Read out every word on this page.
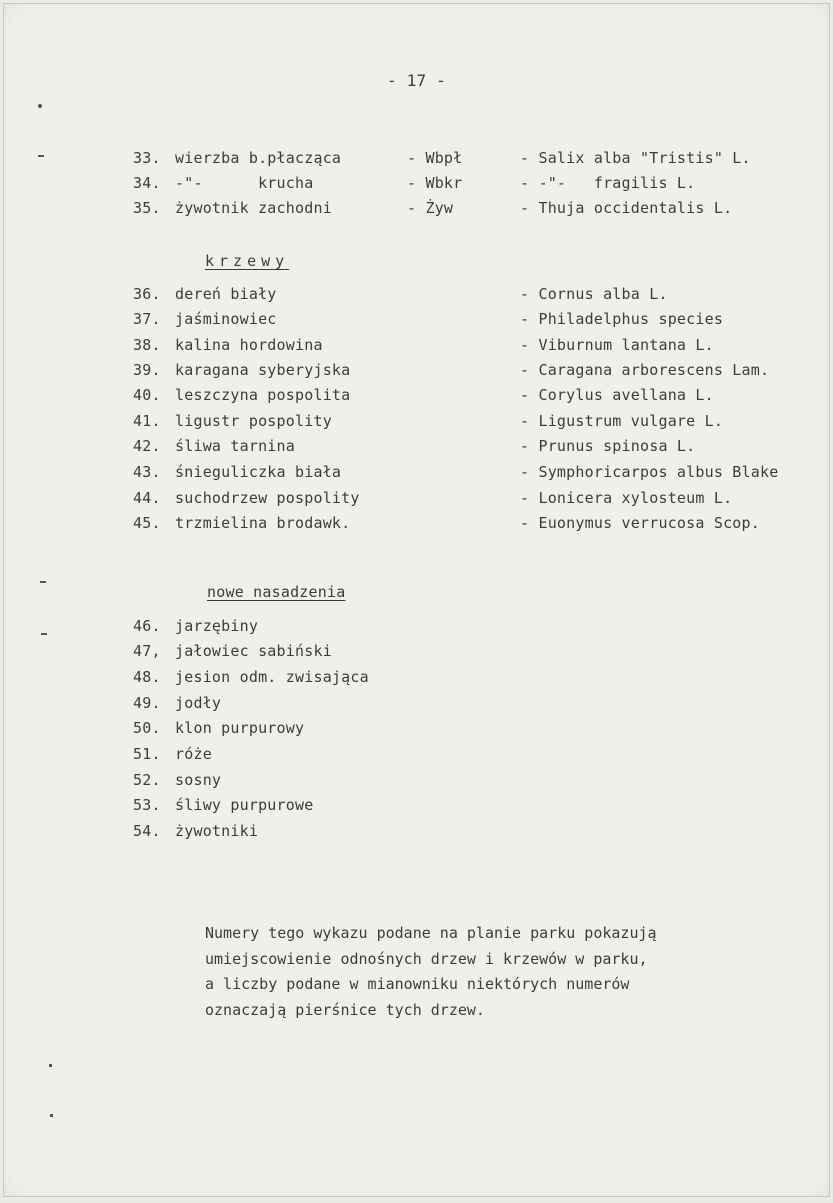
- 17 -
33. wierzba b.płacząca	- Wbpł	- Salix alba "Tristis" L.
34. -"-      krucha	- Wbkr	- -"-   fragilis L.
35. żywotnik zachodni	- Żyw	- Thuja occidentalis L.
krzewy
36. dereń biały	- Cornus alba L.
37. jaśminowiec	- Philadelphus species
38. kalina hordowina	- Viburnum lantana L.
39. karagana syberyjska	- Caragana arborescens Lam.
40. leszczyna pospolita	- Corylus avellana L.
41. ligustr pospolity	- Ligustrum vulgare L.
42. śliwa tarnina	- Prunus spinosa L.
43. śnieguliczka biała	- Symphoricarpos albus Blake
44. suchodrzew pospolity	- Lonicera xylosteum L.
45. trzmielina brodawk.	- Euonymus verrucosa Scop.
nowe_nasadzenia
46. jarzębiny
47, jałowiec sabiński
48. jesion odm. zwisająca
49. jodły
50. klon purpurowy
51. róże
52. sosny
53. śliwy purpurowe
54. żywotniki
Numery tego wykazu podane na planie parku pokazują
umiejscowienie odnośnych drzew i krzewów w parku,
a liczby podane w mianowniku niektórych numerów
oznaczają pierśnice tych drzew.
